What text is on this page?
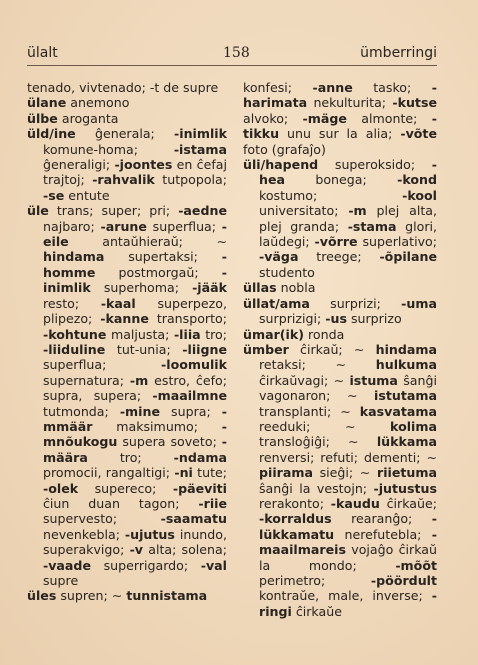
ülalt	158	ümberringi

tenado, vivtenado; -t de supre

ülane anemono

ülbe aroganta

üld/ine ĝenerala; -inimlik komune-homa; -istama ĝeneraligi; -joontes en ĉefaj trajtoj; -rahvalik tutpopola; -se entute

üle trans; super; pri; -aedne najbaro; -arune superflua; -eile antaŭhieraŭ; ∼ hindama supertaksi; -homme postmorgaŭ; -inimlik superhoma; -jääk resto; -kaal superpezo, plipezo; -kanne transporto; -kohtune maljusta; -liia tro; -liiduline tut-unia; -liigne superflua; -loomulik supernatura; -m estro, ĉefo; supra, supera; -maailmne tutmonda; -mine supra; -mmäär maksimumo; -mnõukogu supera soveto; -määra tro; -ndama promocii, rangaltigi; -ni tute; -olek supereco; -päeviti ĉiun duan tagon; -riie supervesto; -saamatu nevenkebla; -ujutus inundo, superakvigo; -v alta; solena; -vaade superrigardo; -val supre

üles supren; ∼ tunnistama

konfesi; -anne tasko; -harimata nekulturita; -kutse alvoko; -mäge almonte; -tikku unu sur la alia; -võte foto (grafaĵo)

üli/hapend superoksido; -hea bonega; -kond kostumo; -kool universitato; -m plej alta, plej granda; -stama glori, laŭdegi; -võrre superlativo; -väga treege; -õpilane studento

üllas nobla

üllat/ama surprizi; -uma surprizigi; -us surprizo

ümar(ik) ronda

ümber ĉirkaŭ; ∼ hindama retaksi; ∼ hulkuma ĉirkaŭvagi; ∼ istuma ŝanĝi vagonaron; ∼ istutama transplanti; ∼ kasvatama reeduki; ∼ kolima transloĝiĝi; ∼ lükkama renversi; refuti; dementi; ∼ piirama sieĝi; ∼ riietuma ŝanĝi la vestojn; -jutustus rerakonto; -kaudu ĉirkaŭe; -korraldus rearanĝo; -lükkamatu nerefutebla; -maailmareis vojaĝo ĉirkaŭ la mondo; -mõõt perimetro; -pöördult kontraŭe, male, inverse; -ringi ĉirkaŭe
